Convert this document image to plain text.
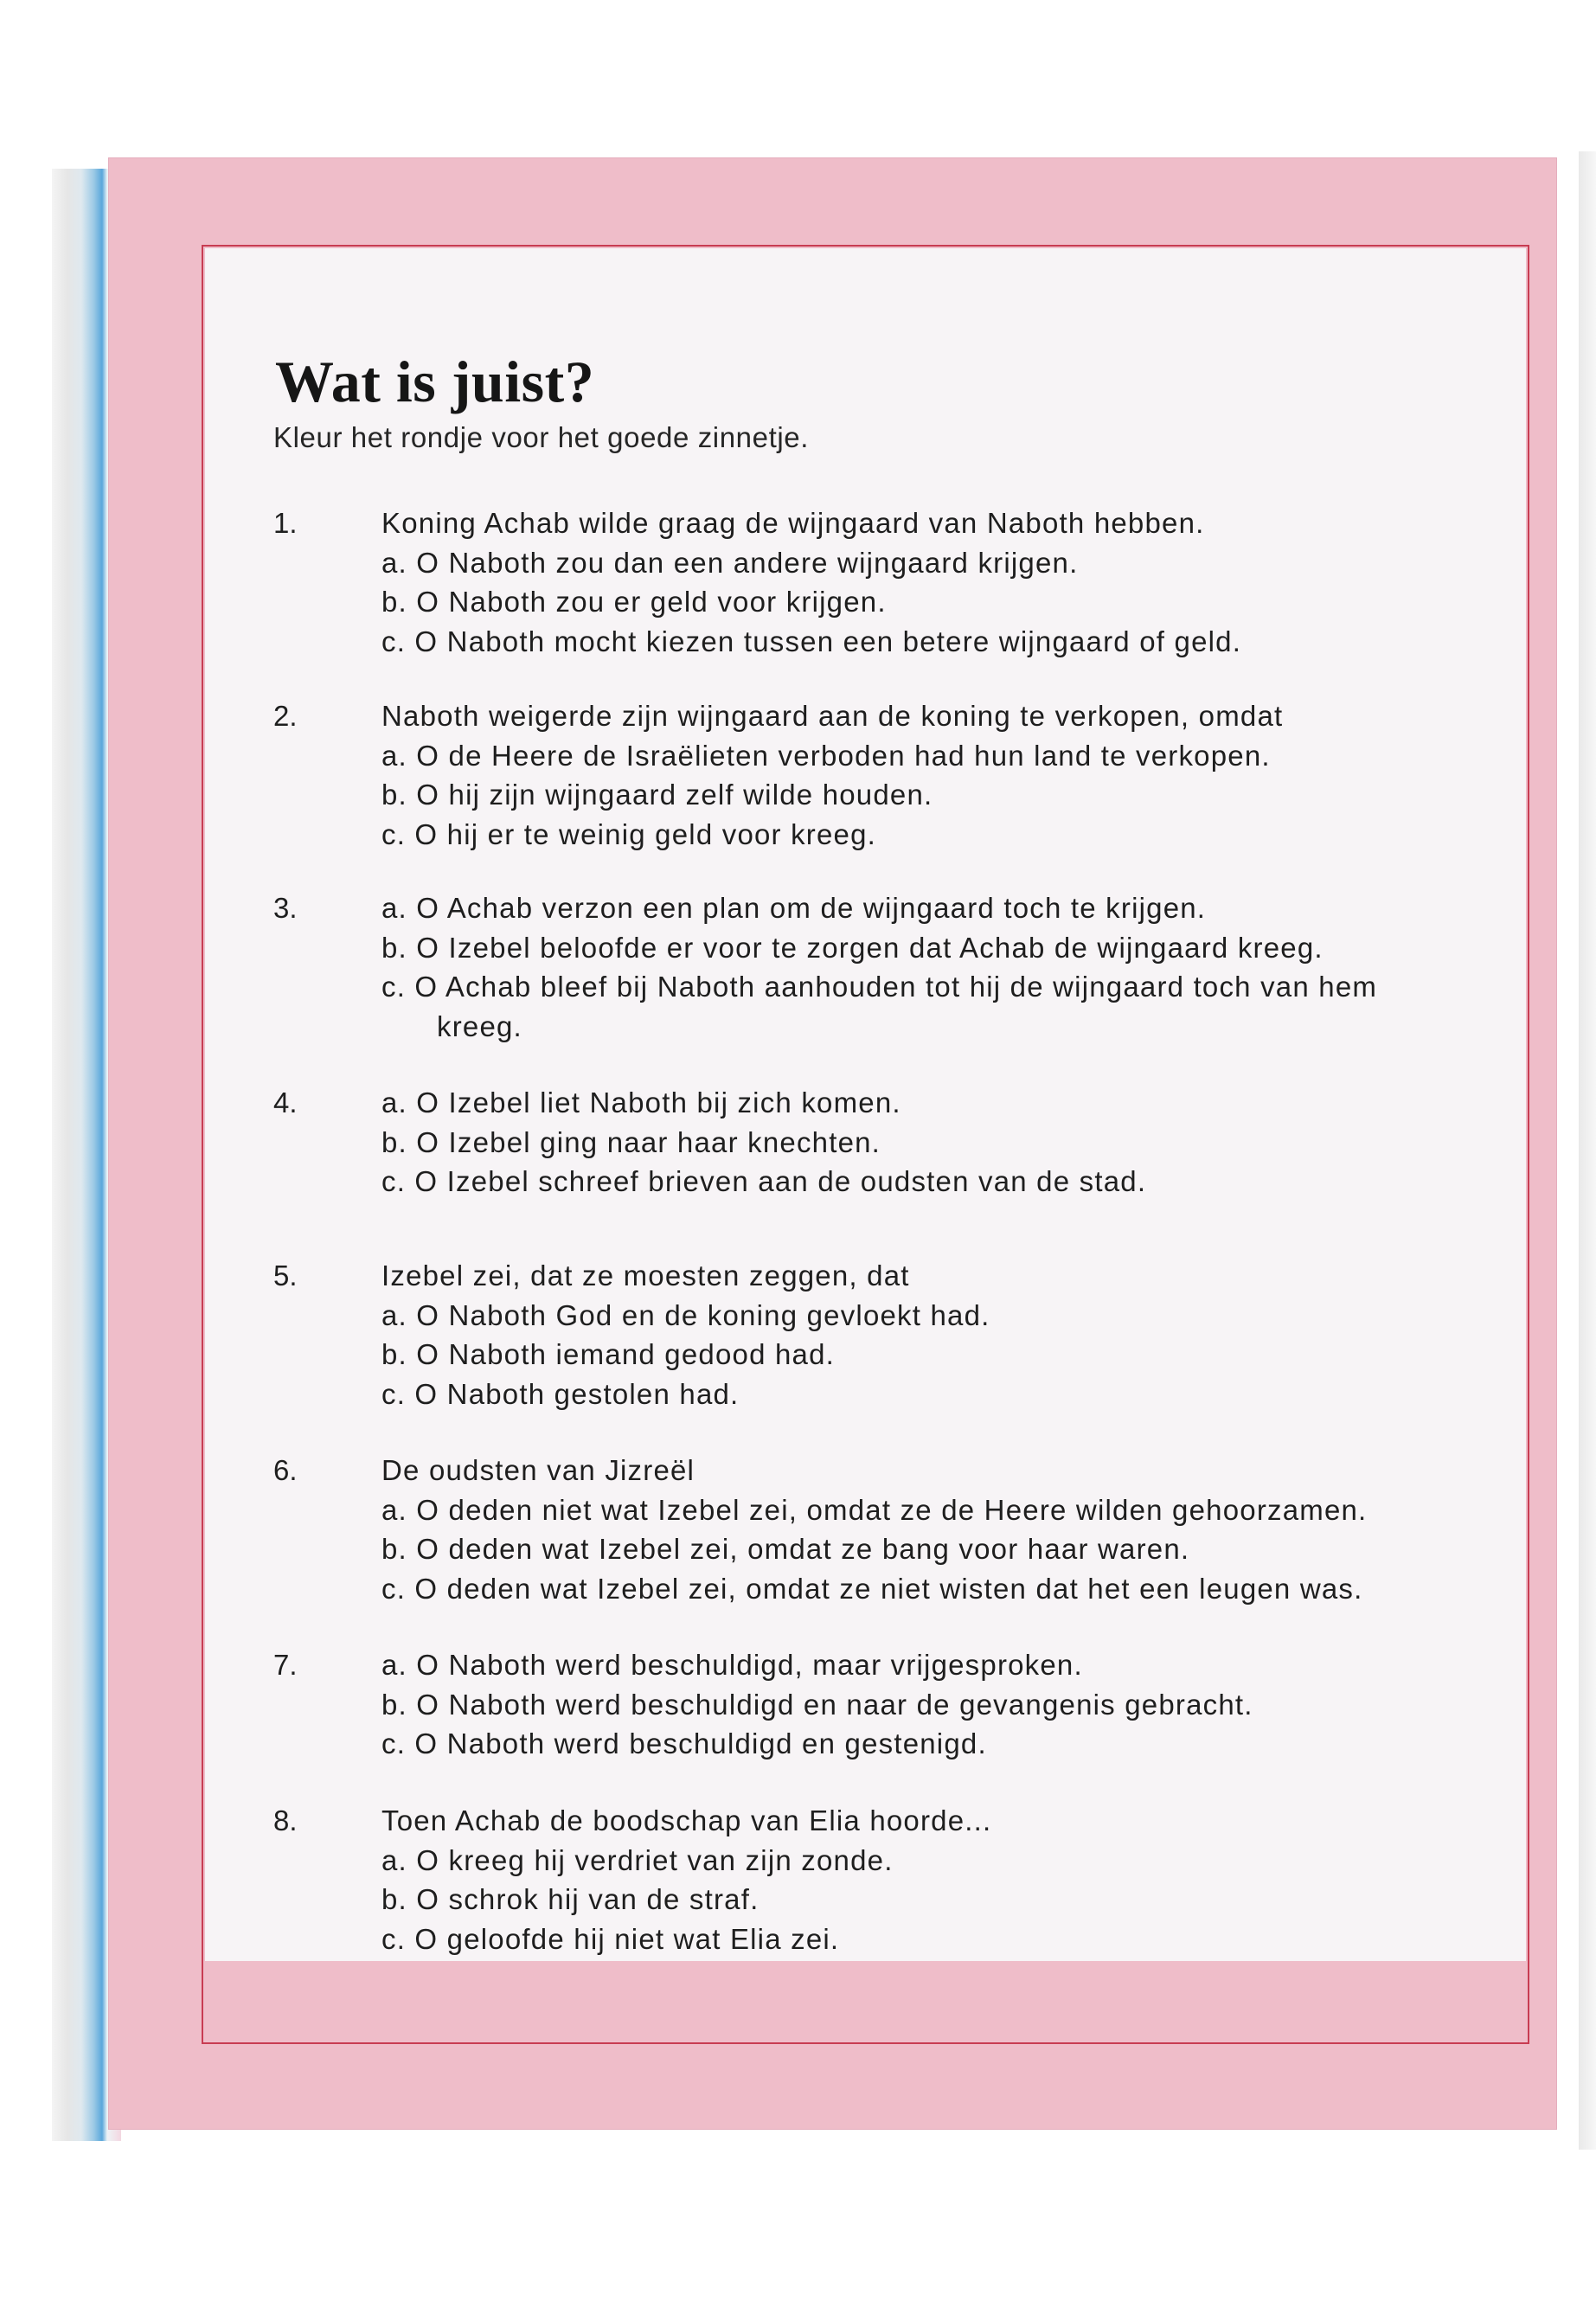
Wat is juist?

Kleur het rondje voor het goede zinnetje.

1.	Koning Achab wilde graag de wijngaard van Naboth hebben.
a. O Naboth zou dan een andere wijngaard krijgen.
b. O Naboth zou er geld voor krijgen.
c. O Naboth mocht kiezen tussen een betere wijngaard of geld.
2.	Naboth weigerde zijn wijngaard aan de koning te verkopen, omdat
a. O de Heere de Israëlieten verboden had hun land te verkopen.
b. O hij zijn wijngaard zelf wilde houden.
c. O hij er te weinig geld voor kreeg.
3.	a. O Achab verzon een plan om de wijngaard toch te krijgen.
b. O Izebel beloofde er voor te zorgen dat Achab de wijngaard kreeg.
c. O Achab bleef bij Naboth aanhouden tot hij de wijngaard toch van hem
kreeg.
4.	a. O Izebel liet Naboth bij zich komen.
b. O Izebel ging naar haar knechten.
c. O Izebel schreef brieven aan de oudsten van de stad.
5.	Izebel zei, dat ze moesten zeggen, dat
a. O Naboth God en de koning gevloekt had.
b. O Naboth iemand gedood had.
c. O Naboth gestolen had.
6.	De oudsten van Jizreël
a. O deden niet wat Izebel zei, omdat ze de Heere wilden gehoorzamen.
b. O deden wat Izebel zei, omdat ze bang voor haar waren.
c. O deden wat Izebel zei, omdat ze niet wisten dat het een leugen was.
7.	a. O Naboth werd beschuldigd, maar vrijgesproken.
b. O Naboth werd beschuldigd en naar de gevangenis gebracht.
c. O Naboth werd beschuldigd en gestenigd.
8.	Toen Achab de boodschap van Elia hoorde...
a. O kreeg hij verdriet van zijn zonde.
b. O schrok hij van de straf.
c. O geloofde hij niet wat Elia zei.
